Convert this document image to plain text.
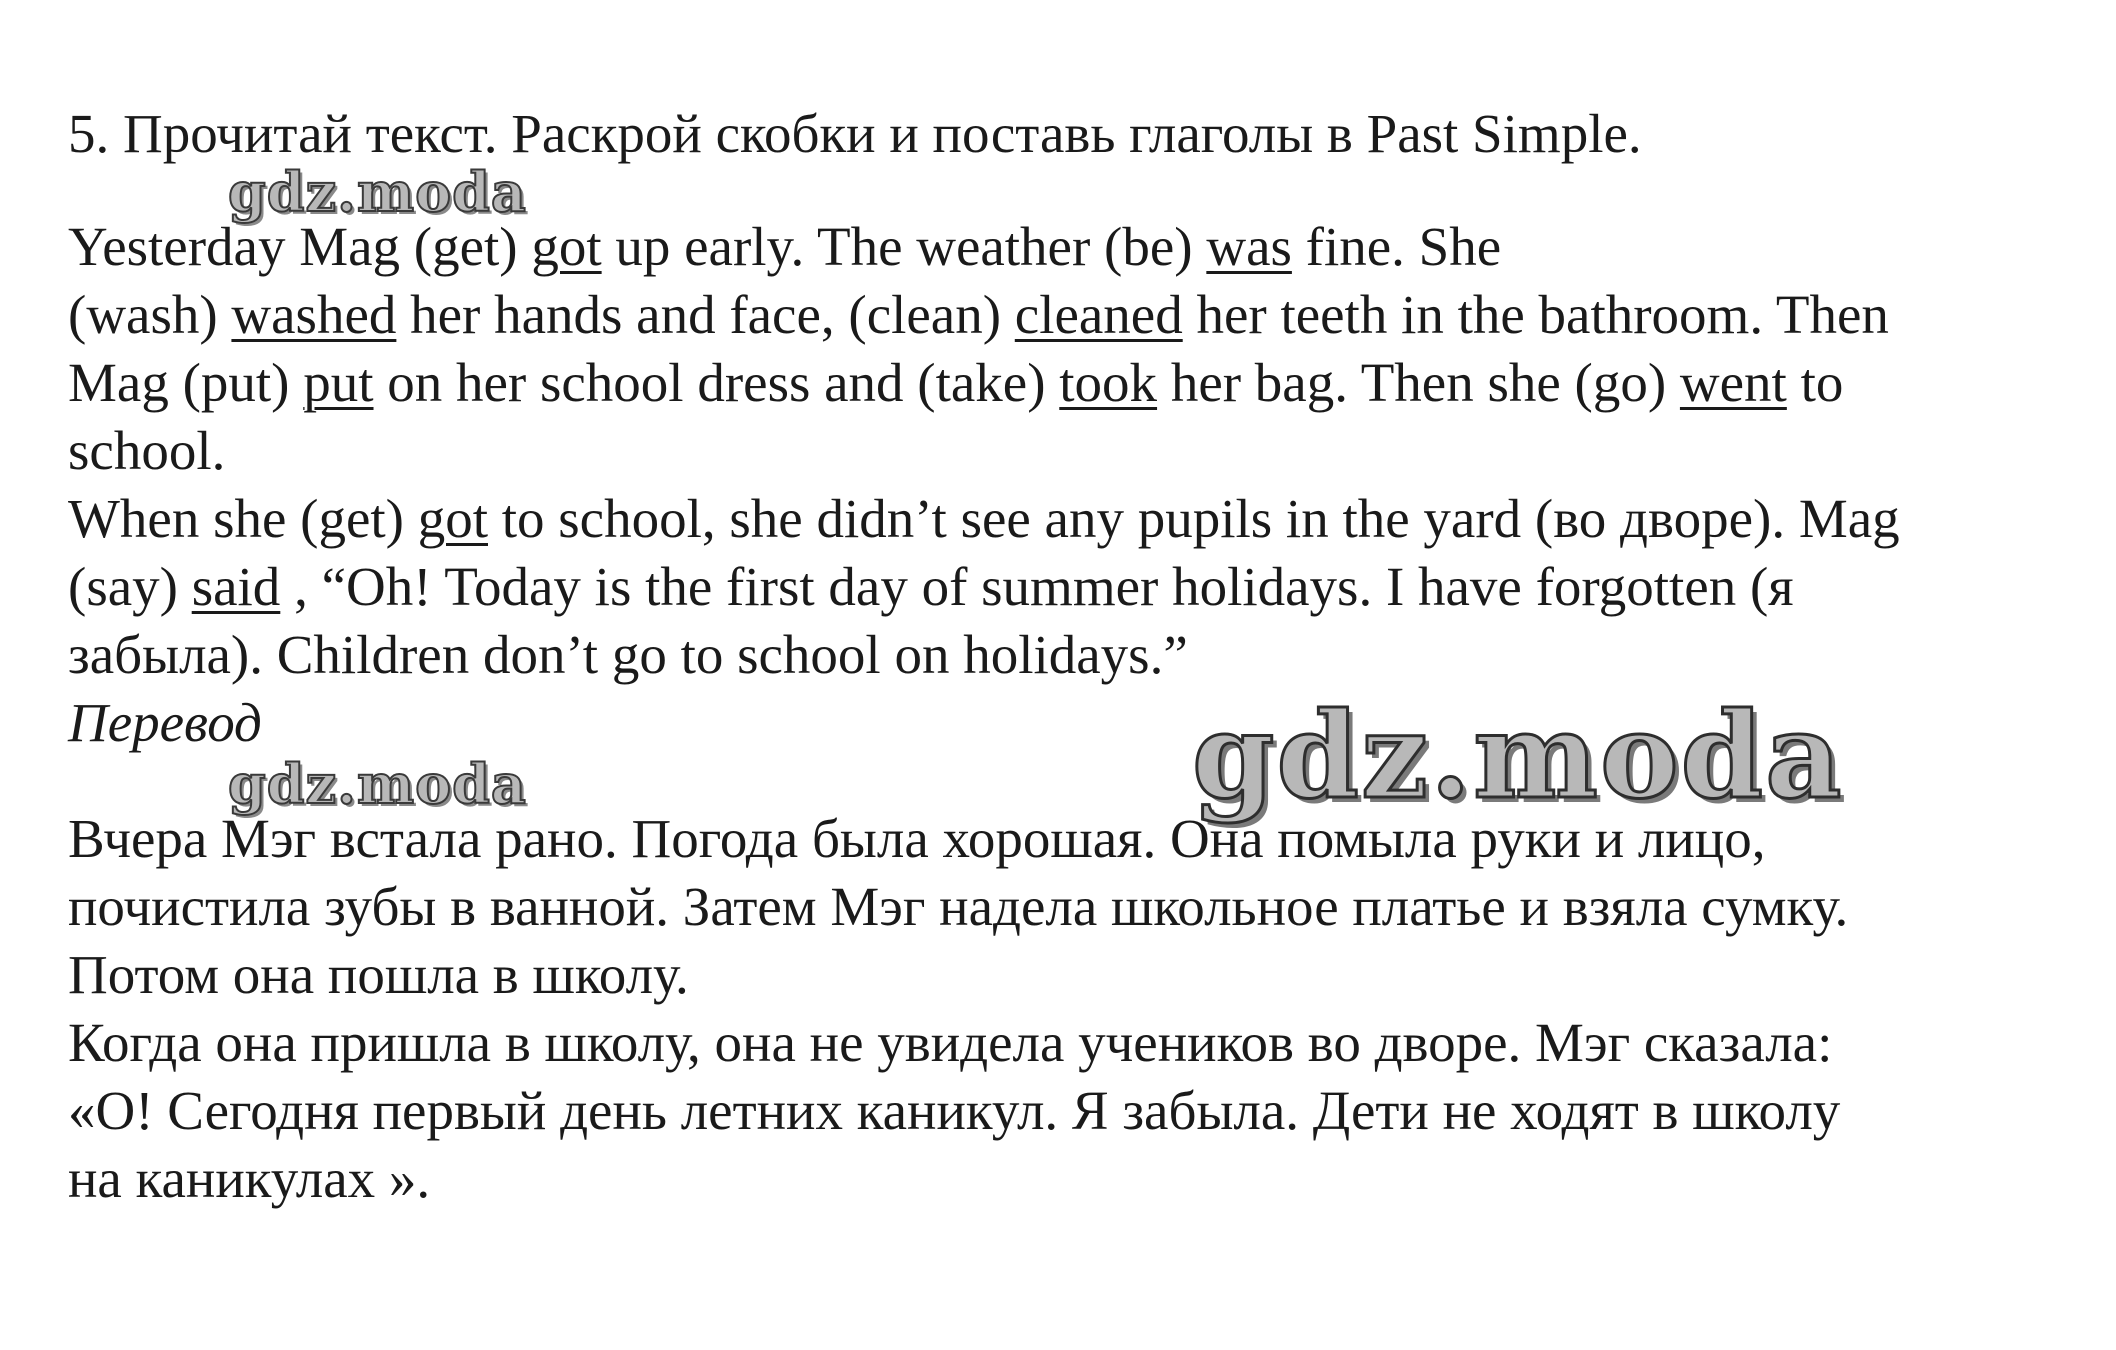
5. Прочитай текст. Раскрой скобки и поставь глаголы в Past Simple.
gdz.moda
Yesterday Mag (get) got up early. The weather (be) was fine. She
(wash) washed her hands and face, (clean) cleaned her teeth in the bathroom. Then
Mag (put) put on her school dress and (take) took her bag. Then she (go) went to
school.
When she (get) got to school, she didn’t see any pupils in the yard (во дворе). Mag
(say) said , “Oh! Today is the first day of summer holidays. I have forgotten (я
забыла). Children don’t go to school on holidays.”
Перевод	gdz.moda
gdz.moda
Вчера Мэг встала рано. Погода была хорошая. Она помыла руки и лицо,
почистила зубы в ванной. Затем Мэг надела школьное платье и взяла сумку.
Потом она пошла в школу.
Когда она пришла в школу, она не увидела учеников во дворе. Мэг сказала:
«О! Сегодня первый день летних каникул. Я забыла. Дети не ходят в школу
на каникулах ».
